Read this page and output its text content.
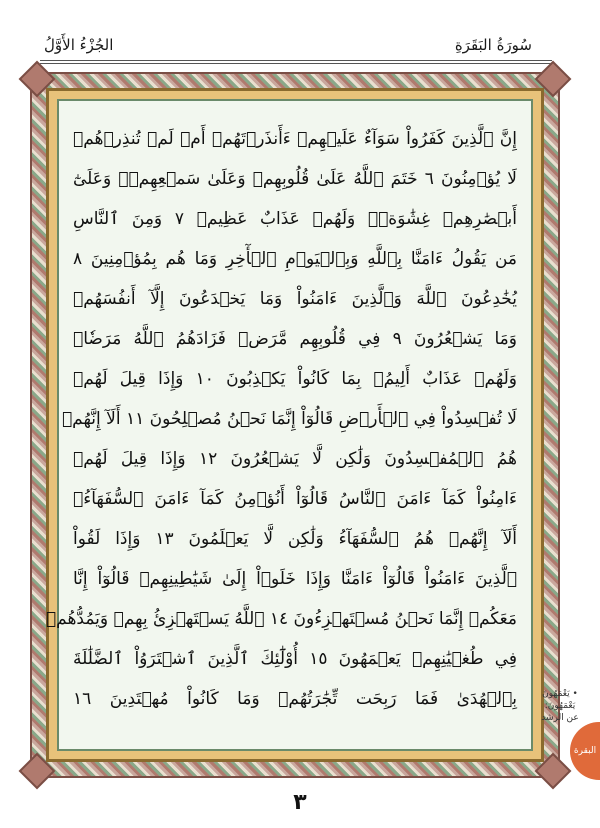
الجُزْءُ الأَوَّلُ	سُورَةُ البَقَرَةِ
إِنَّ ٱلَّذِينَ كَفَرُواْ سَوَآءٌ عَلَيۡهِمۡ ءَأَنذَرۡتَهُمۡ أَمۡ لَمۡ تُنذِرۡهُمۡ
لَا يُؤۡمِنُونَ ٦ خَتَمَ ٱللَّهُ عَلَىٰ قُلُوبِهِمۡ وَعَلَىٰ سَمۡعِهِمۡۖ وَعَلَىٰٓ
أَبۡصَٰرِهِمۡ غِشَٰوَةٞۖ وَلَهُمۡ عَذَابٌ عَظِيمٞ ٧ وَمِنَ ٱلنَّاسِ
مَن يَقُولُ ءَامَنَّا بِٱللَّهِ وَبِٱلۡيَوۡمِ ٱلۡأٓخِرِ وَمَا هُم بِمُؤۡمِنِينَ ٨
يُخَٰدِعُونَ ٱللَّهَ وَٱلَّذِينَ ءَامَنُواْ وَمَا يَخۡدَعُونَ إِلَّآ أَنفُسَهُمۡ
وَمَا يَشۡعُرُونَ ٩ فِي قُلُوبِهِم مَّرَضٞ فَزَادَهُمُ ٱللَّهُ مَرَضٗاۖ
وَلَهُمۡ عَذَابٌ أَلِيمُۢ بِمَا كَانُواْ يَكۡذِبُونَ ١٠ وَإِذَا قِيلَ لَهُمۡ
لَا تُفۡسِدُواْ فِي ٱلۡأَرۡضِ قَالُوٓاْ إِنَّمَا نَحۡنُ مُصۡلِحُونَ ١١ أَلَآ إِنَّهُمۡ
هُمُ ٱلۡمُفۡسِدُونَ وَلَٰكِن لَّا يَشۡعُرُونَ ١٢ وَإِذَا قِيلَ لَهُمۡ
ءَامِنُواْ كَمَآ ءَامَنَ ٱلنَّاسُ قَالُوٓاْ أَنُؤۡمِنُ كَمَآ ءَامَنَ ٱلسُّفَهَآءُۗ
أَلَآ إِنَّهُمۡ هُمُ ٱلسُّفَهَآءُ وَلَٰكِن لَّا يَعۡلَمُونَ ١٣ وَإِذَا لَقُواْ
ٱلَّذِينَ ءَامَنُواْ قَالُوٓاْ ءَامَنَّا وَإِذَا خَلَوۡاْ إِلَىٰ شَيَٰطِينِهِمۡ قَالُوٓاْ إِنَّا
مَعَكُمۡ إِنَّمَا نَحۡنُ مُسۡتَهۡزِءُونَ ١٤ ٱللَّهُ يَسۡتَهۡزِئُ بِهِمۡ وَيَمُدُّهُمۡ
فِي طُغۡيَٰنِهِمۡ يَعۡمَهُونَ ١٥ أُوْلَٰٓئِكَ ٱلَّذِينَ ٱشۡتَرَوُاْ ٱلضَّلَٰلَةَ
بِٱلۡهُدَىٰ فَمَا رَبِحَت تِّجَٰرَتُهُمۡ وَمَا كَانُواْ مُهۡتَدِينَ ١٦	• يَعْمَهُونَ
يَعْمَهُونَ:
عن الرشد
البقرة
٣
